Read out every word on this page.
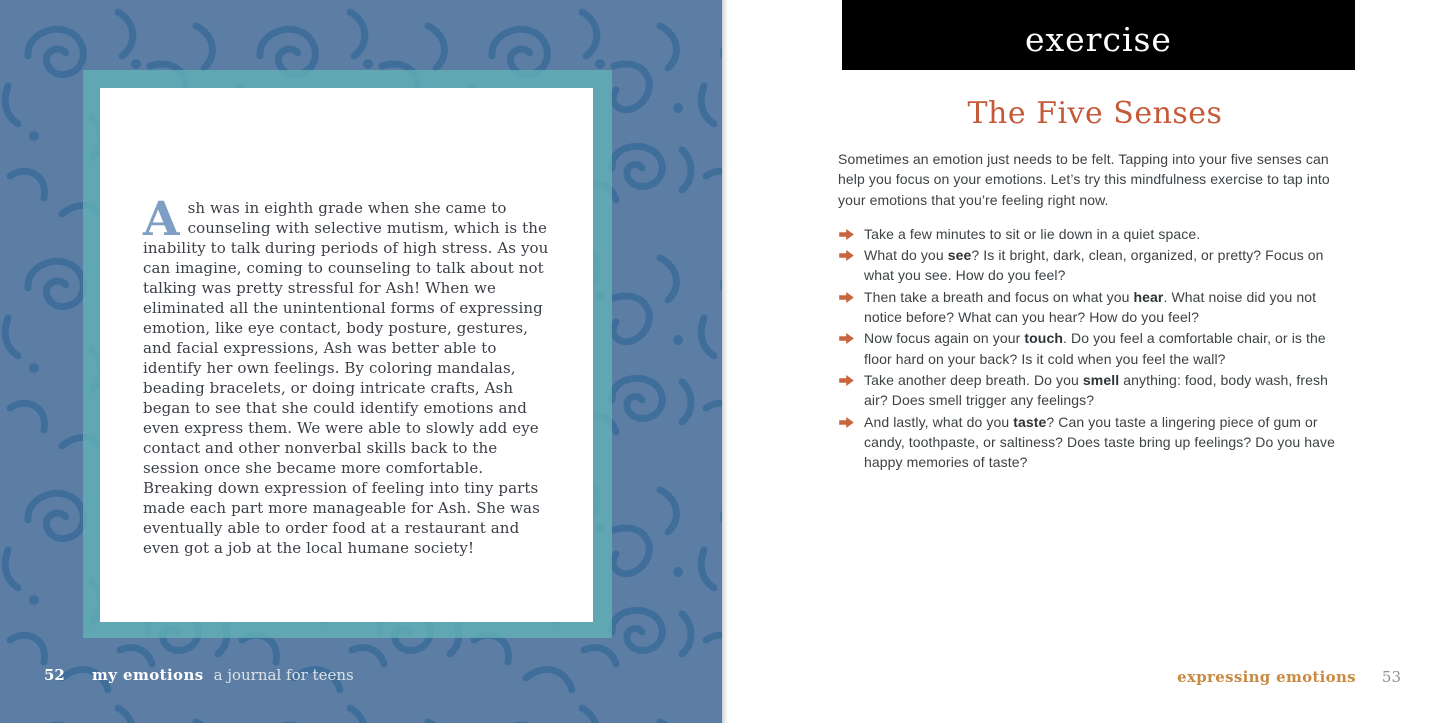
Ash was in eighth grade when she came to counseling with selective mutism, which is the inability to talk during periods of high stress. As you can imagine, coming to counseling to talk about not talking was pretty stressful for Ash! When we eliminated all the unintentional forms of expressing emotion, like eye contact, body posture, gestures, and facial expressions, Ash was better able to identify her own feelings. By coloring mandalas, beading bracelets, or doing intricate crafts, Ash began to see that she could identify emotions and even express them. We were able to slowly add eye contact and other nonverbal skills back to the session once she became more comfortable. Breaking down expression of feeling into tiny parts made each part more manageable for Ash. She was eventually able to order food at a restaurant and even got a job at the local humane society!

52	my emotions a journal for teens
exercise
The Five Senses

Sometimes an emotion just needs to be felt. Tapping into your five senses can help you focus on your emotions. Let’s try this mindfulness exercise to tap into your emotions that you’re feeling right now.

Take a few minutes to sit or lie down in a quiet space.
What do you see? Is it bright, dark, clean, organized, or pretty? Focus on what you see. How do you feel?
Then take a breath and focus on what you hear. What noise did you not notice before? What can you hear? How do you feel?
Now focus again on your touch. Do you feel a comfortable chair, or is the floor hard on your back? Is it cold when you feel the wall?
Take another deep breath. Do you smell anything: food, body wash, fresh air? Does smell trigger any feelings?
And lastly, what do you taste? Can you taste a lingering piece of gum or candy, toothpaste, or saltiness? Does taste bring up feelings? Do you have happy memories of taste?
expressing emotions 53
